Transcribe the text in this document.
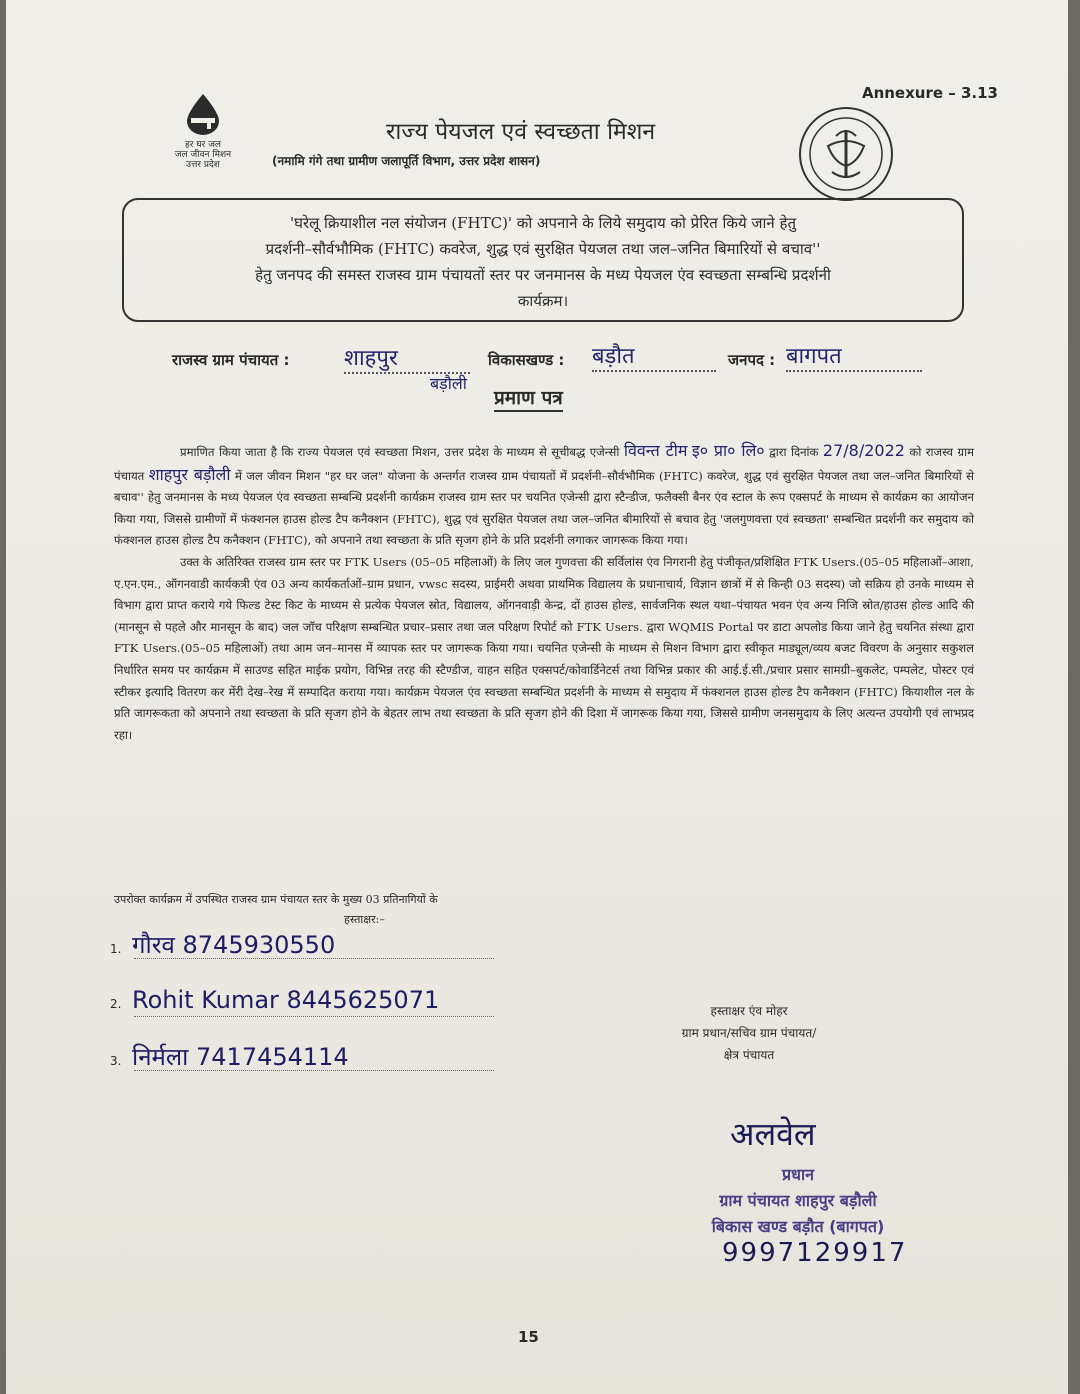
Annexure – 3.13
हर घर जल
जल जीवन मिशन
उत्तर प्रदेश
राज्य पेयजल एवं स्वच्छता मिशन
(नमामि गंगे तथा ग्रामीण जलापूर्ति विभाग, उत्तर प्रदेश शासन)
'घरेलू क्रियाशील नल संयोजन (FHTC)' को अपनाने के लिये समुदाय को प्रेरित किये जाने हेतु
प्रदर्शनी–सौर्वभौमिक (FHTC) कवरेज, शुद्ध एवं सुरक्षित पेयजल तथा जल–जनित बिमारियों से बचाव''
हेतु जनपद की समस्त राजस्व ग्राम पंचायतों स्तर पर जनमानस के मध्य पेयजल एंव स्वच्छता सम्बन्धि प्रदर्शनी
कार्यक्रम।
राजस्व ग्राम पंचायत : शाहपुर
बड़ौली
विकासखण्ड : बड़ौत	जनपद : बागपत
प्रमाण पत्र

प्रमाणित किया जाता है कि राज्य पेयजल एवं स्वच्छता मिशन, उत्तर प्रदेश के माध्यम से सूचीबद्ध एजेन्सी विवन्त टीम इ० प्रा० लि० द्वारा दिनांक 27/8/2022 को राजस्व ग्राम पंचायत शाहपुर बड़ौली में जल जीवन मिशन "हर घर जल" योजना के अन्तर्गत राजस्व ग्राम पंचायतों में प्रदर्शनी–सौर्वभौमिक (FHTC) कवरेज, शुद्ध एवं सुरक्षित पेयजल तथा जल–जनित बिमारियों से बचाव'' हेतु जनमानस के मध्य पेयजल एंव स्वच्छता सम्बन्धि प्रदर्शनी कार्यक्रम राजस्व ग्राम स्तर पर चयनित एजेन्सी द्वारा स्टैन्डीज, फलैक्सी बैनर एंव स्टाल के रूप एक्सपर्ट के माध्यम से कार्यक्रम का आयोजन किया गया, जिससे ग्रामीणों में फंक्शनल हाउस होल्ड टैप कनैक्शन (FHTC), शुद्ध एवं सुरक्षित पेयजल तथा जल–जनित बीमारियों से बचाव हेतु 'जलगुणवत्ता एवं स्वच्छता' सम्बन्धित प्रदर्शनी कर समुदाय को फंक्शनल हाउस होल्ड टैप कनैक्शन (FHTC), को अपनाने तथा स्वच्छता के प्रति सृजग होने के प्रति प्रदर्शनी लगाकर जागरूक किया गया।

उक्त के अतिरिक्त राजस्व ग्राम स्तर पर FTK Users (05–05 महिलाओं) के लिए जल गुणवत्ता की सर्विलांस एंव निगरानी हेतु पंजीकृत/प्रशिक्षित FTK Users.(05–05 महिलाओं–आशा, ए.एन.एम., ऑगनवाडी कार्यकत्री एंव 03 अन्य कार्यकर्ताओं–ग्राम प्रधान, vwsc सदस्य, प्राईमरी अथवा प्राथमिक विद्यालय के प्रधानाचार्य, विज्ञान छात्रों में से किन्ही 03 सदस्य) जो सक्रिय हो उनके माध्यम से विभाग द्वारा प्राप्त कराये गये फिल्ड टेस्ट किट के माध्यम से प्रत्येक पेयजल स्रोत, विद्यालय, ऑगनवाड़ी केन्द्र, दों हाउस होल्ड, सार्वजनिक स्थल यथा–पंचायत भवन एंव अन्य निजि स्रोत/हाउस होल्ड आदि की (मानसून से पहले और मानसून के बाद) जल जॉच परिक्षण सम्बन्धित प्रचार–प्रसार तथा जल परिक्षण रिपोर्ट को FTK Users. द्वारा WQMIS Portal पर डाटा अपलोड किया जाने हेतु चयनित संस्था द्वारा FTK Users.(05–05 महिलाओं) तथा आम जन–मानस में व्यापक स्तर पर जागरूक किया गया। चयनित एजेन्सी के माध्यम से मिशन विभाग द्वारा स्वीकृत माड्यूल/व्यय बजट विवरण के अनुसार सकुशल निर्धारित समय पर कार्यक्रम में साउण्ड सहित माईक प्रयोग, विभिन्न तरह की स्टैण्डीज, वाहन सहित एक्सपर्ट/कोवार्डिनेटर्स तथा विभिन्न प्रकार की आई.ई.सी./प्रचार प्रसार सामग्री–बुकलेट, पम्पलेट, पोस्टर एवं स्टीकर इत्यादि वितरण कर मेंरी देख–रेख में सम्पादित कराया गया। कार्यक्रम पेयजल एंव स्वच्छता सम्बन्धित प्रदर्शनी के माध्यम से समुदाय में फंक्शनल हाउस होल्ड टैप कनैक्शन (FHTC) कियाशील नल के प्रति जागरूकता को अपनाने तथा स्वच्छता के प्रति सृजग होने के बेहतर लाभ तथा स्वच्छता के प्रति सृजग होने की दिशा में जागरूक किया गया, जिससे ग्रामीण जनसमुदाय के लिए अत्यन्त उपयोगी एवं लाभप्रद रहा।

उपरोक्त कार्यक्रम में उपस्थित राजस्व ग्राम पंचायत स्तर के मुख्य 03 प्रतिनागियों के
हस्ताक्षर:–
1. गौरव 8745930550
2. Rohit Kumar 8445625071
3. निर्मला 7417454114
हस्ताक्षर एंव मोहर
ग्राम प्रधान/सचिव ग्राम पंचायत/
क्षेत्र पंचायत
अलवेल
प्रधान
ग्राम पंचायत शाहपुर बड़ौली
बिकास खण्ड बड़ौत (बागपत)
9997129917
15
